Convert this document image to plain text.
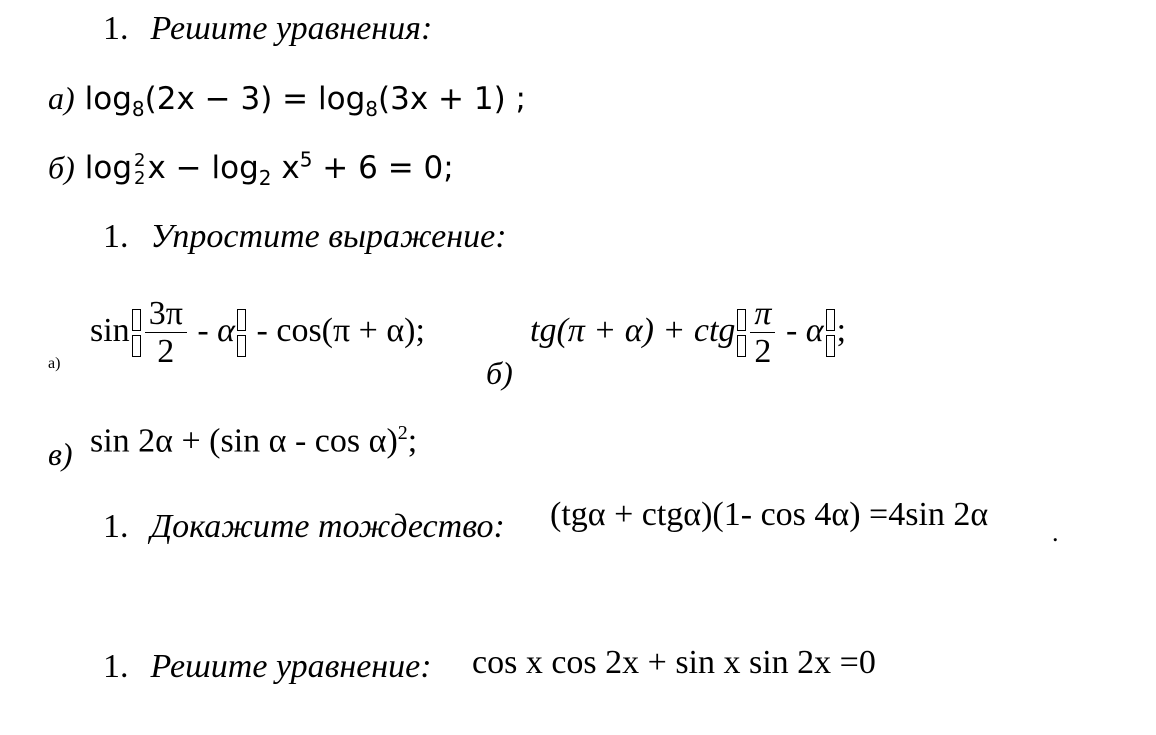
1. Решите уравнения:
а) $\log_8(2x - 3) = \log_8(3x + 1)$ ;
б) log 2
2 $x - \log_2 x^5 + 6 = 0$;
1. Упростите выражение:
а)
$\sin \frac{3\pi}{2} - \alpha - \cos(\pi + \alpha)$;
б)
tg(π + α) + ctg $\frac{\pi}{2}$ - α ;
в) sin 2α + (sin α - cos α)$^2$;
1. Докажите тождество: (tgα + ctgα)(1- cos 4α) =4sin 2α .
1. Решите уравнение: cos x cos 2x + sin x sin 2x =0
